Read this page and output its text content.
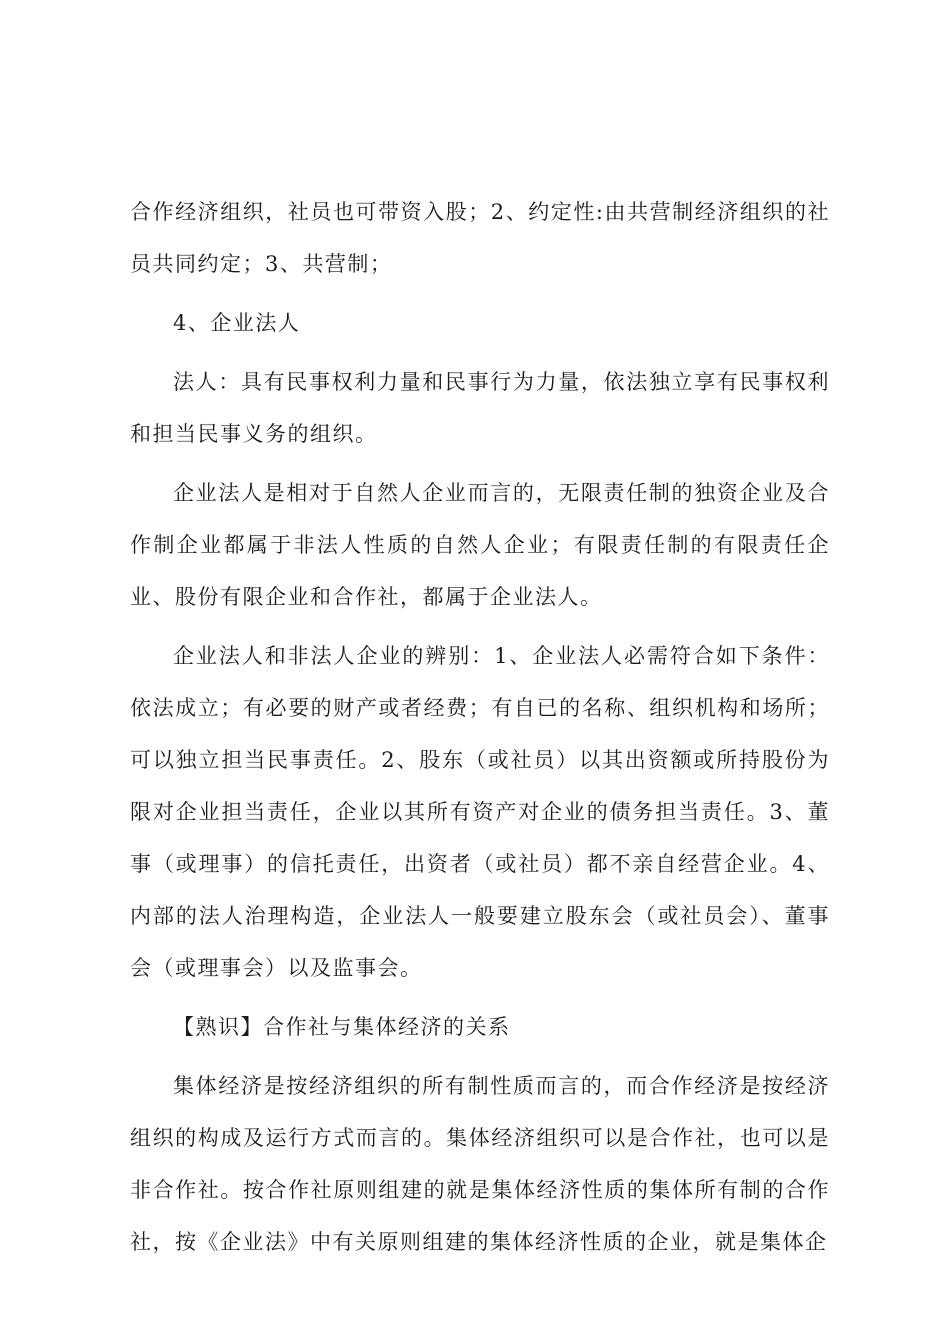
合作经济组织，社员也可带资入股；2、约定性:由共营制经济组织的社员共同约定；3、共营制；

4、企业法人

法人：具有民事权利力量和民事行为力量，依法独立享有民事权利和担当民事义务的组织。

企业法人是相对于自然人企业而言的，无限责任制的独资企业及合作制企业都属于非法人性质的自然人企业；有限责任制的有限责任企业、股份有限企业和合作社，都属于企业法人。

企业法人和非法人企业的辨别：1、企业法人必需符合如下条件：依法成立；有必要的财产或者经费；有自已的名称、组织机构和场所；可以独立担当民事责任。2、股东（或社员）以其出资额或所持股份为限对企业担当责任，企业以其所有资产对企业的债务担当责任。3、董事（或理事）的信托责任，出资者（或社员）都不亲自经营企业。4、内部的法人治理构造，企业法人一般要建立股东会（或社员会）、董事会（或理事会）以及监事会。

【熟识】合作社与集体经济的关系

集体经济是按经济组织的所有制性质而言的，而合作经济是按经济组织的构成及运行方式而言的。集体经济组织可以是合作社，也可以是非合作社。按合作社原则组建的就是集体经济性质的集体所有制的合作社，按《企业法》中有关原则组建的集体经济性质的企业，就是集体企
